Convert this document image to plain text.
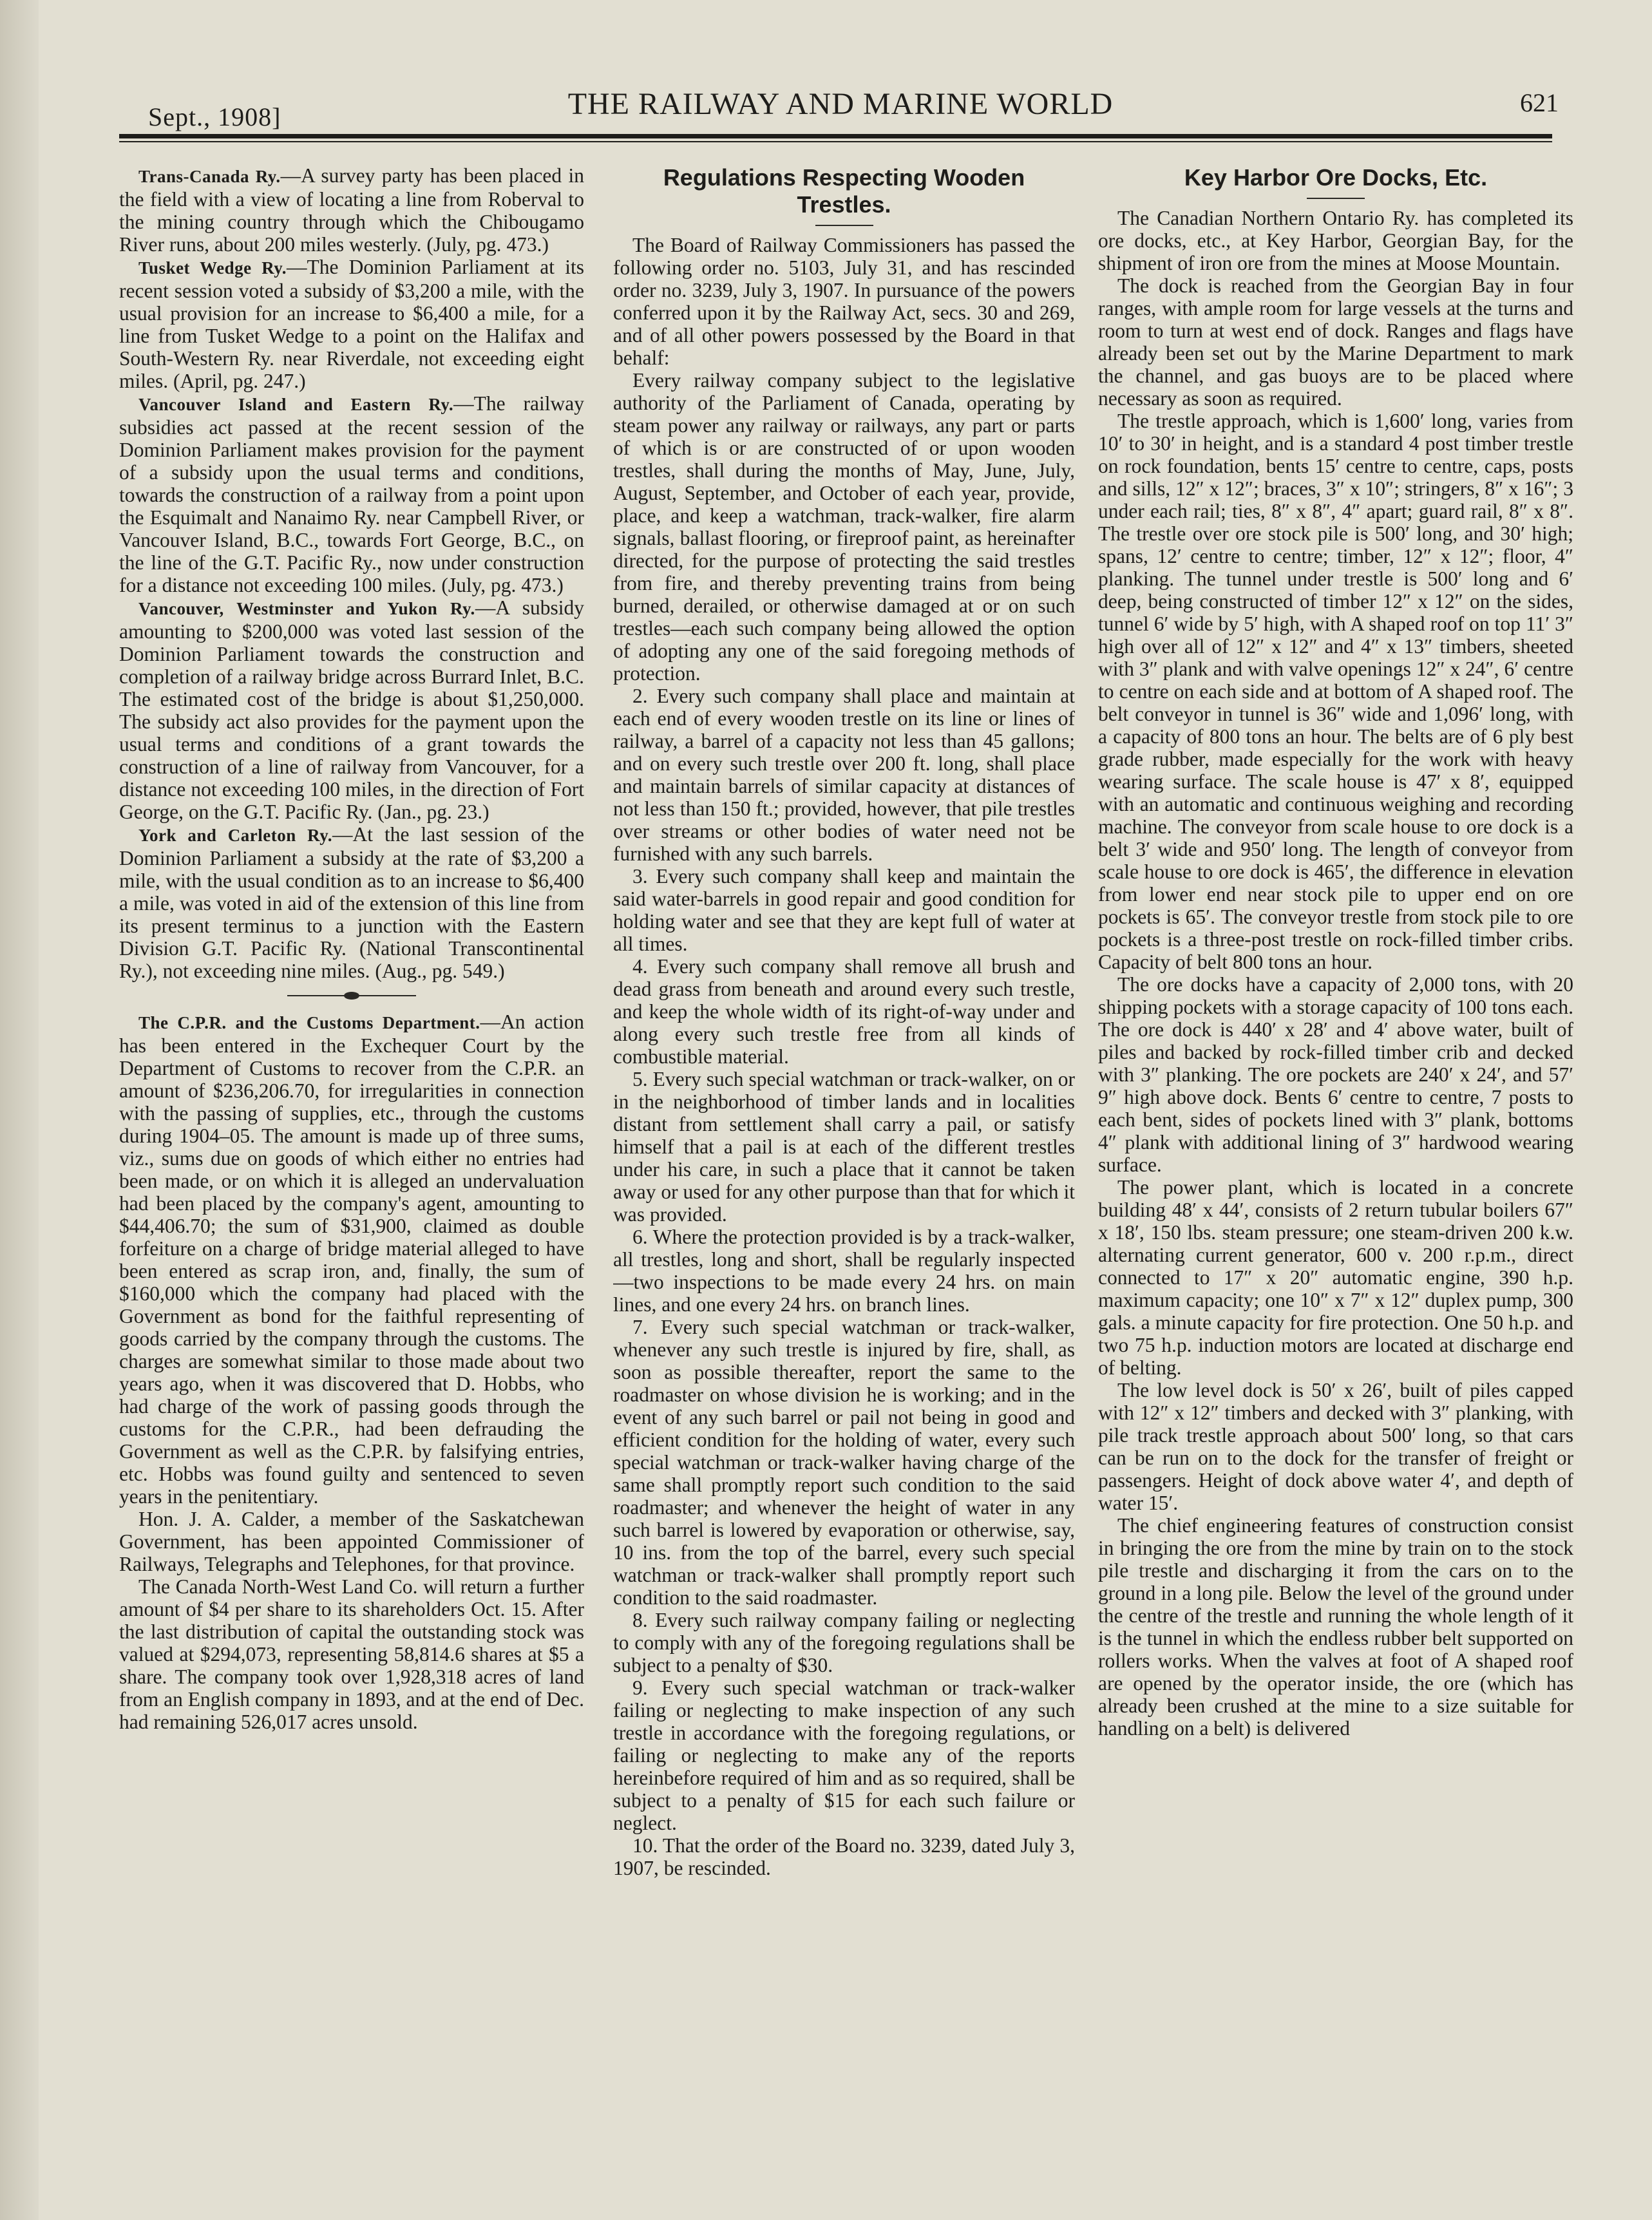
Sept., 1908]	THE RAILWAY AND MARINE WORLD	621

Trans-Canada Ry.—A survey party has been placed in the field with a view of locating a line from Roberval to the mining country through which the Chibougamo River runs, about 200 miles westerly. (July, pg. 473.)

Tusket Wedge Ry.—The Dominion Parliament at its recent session voted a subsidy of $3,200 a mile, with the usual provision for an increase to $6,400 a mile, for a line from Tusket Wedge to a point on the Halifax and South-Western Ry. near Riverdale, not exceeding eight miles. (April, pg. 247.)

Vancouver Island and Eastern Ry.—The railway subsidies act passed at the recent session of the Dominion Parliament makes provision for the payment of a subsidy upon the usual terms and conditions, towards the construction of a railway from a point upon the Esquimalt and Nanaimo Ry. near Campbell River, or Vancouver Island, B.C., towards Fort George, B.C., on the line of the G.T. Pacific Ry., now under construction for a distance not exceeding 100 miles. (July, pg. 473.)

Vancouver, Westminster and Yukon Ry.—A subsidy amounting to $200,000 was voted last session of the Dominion Parliament towards the construction and completion of a railway bridge across Burrard Inlet, B.C. The estimated cost of the bridge is about $1,250,000. The subsidy act also provides for the payment upon the usual terms and conditions of a grant towards the construction of a line of railway from Vancouver, for a distance not exceeding 100 miles, in the direction of Fort George, on the G.T. Pacific Ry. (Jan., pg. 23.)

York and Carleton Ry.—At the last session of the Dominion Parliament a subsidy at the rate of $3,200 a mile, with the usual condition as to an increase to $6,400 a mile, was voted in aid of the extension of this line from its present terminus to a junction with the Eastern Division G.T. Pacific Ry. (National Transcontinental Ry.), not exceeding nine miles. (Aug., pg. 549.)

The C.P.R. and the Customs Department.—An action has been entered in the Exchequer Court by the Department of Customs to recover from the C.P.R. an amount of $236,206.70, for irregularities in connection with the passing of supplies, etc., through the customs during 1904–05. The amount is made up of three sums, viz., sums due on goods of which either no entries had been made, or on which it is alleged an undervaluation had been placed by the company's agent, amounting to $44,406.70; the sum of $31,900, claimed as double forfeiture on a charge of bridge material alleged to have been entered as scrap iron, and, finally, the sum of $160,000 which the company had placed with the Government as bond for the faithful representing of goods carried by the company through the customs. The charges are somewhat similar to those made about two years ago, when it was discovered that D. Hobbs, who had charge of the work of passing goods through the customs for the C.P.R., had been defrauding the Government as well as the C.P.R. by falsifying entries, etc. Hobbs was found guilty and sentenced to seven years in the penitentiary.

Hon. J. A. Calder, a member of the Saskatchewan Government, has been appointed Commissioner of Railways, Telegraphs and Telephones, for that province.

The Canada North-West Land Co. will return a further amount of $4 per share to its shareholders Oct. 15. After the last distribution of capital the outstanding stock was valued at $294,073, representing 58,814.6 shares at $5 a share. The company took over 1,928,318 acres of land from an English company in 1893, and at the end of Dec. had remaining 526,017 acres unsold.

Regulations Respecting Wooden Trestles.

The Board of Railway Commissioners has passed the following order no. 5103, July 31, and has rescinded order no. 3239, July 3, 1907. In pursuance of the powers conferred upon it by the Railway Act, secs. 30 and 269, and of all other powers possessed by the Board in that behalf:

Every railway company subject to the legislative authority of the Parliament of Canada, operating by steam power any railway or railways, any part or parts of which is or are constructed of or upon wooden trestles, shall during the months of May, June, July, August, September, and October of each year, provide, place, and keep a watchman, track-walker, fire alarm signals, ballast flooring, or fireproof paint, as hereinafter directed, for the purpose of protecting the said trestles from fire, and thereby preventing trains from being burned, derailed, or otherwise damaged at or on such trestles—each such company being allowed the option of adopting any one of the said foregoing methods of protection.

2. Every such company shall place and maintain at each end of every wooden trestle on its line or lines of railway, a barrel of a capacity not less than 45 gallons; and on every such trestle over 200 ft. long, shall place and maintain barrels of similar capacity at distances of not less than 150 ft.; provided, however, that pile trestles over streams or other bodies of water need not be furnished with any such barrels.

3. Every such company shall keep and maintain the said water-barrels in good repair and good condition for holding water and see that they are kept full of water at all times.

4. Every such company shall remove all brush and dead grass from beneath and around every such trestle, and keep the whole width of its right-of-way under and along every such trestle free from all kinds of combustible material.

5. Every such special watchman or track-walker, on or in the neighborhood of timber lands and in localities distant from settlement shall carry a pail, or satisfy himself that a pail is at each of the different trestles under his care, in such a place that it cannot be taken away or used for any other purpose than that for which it was provided.

6. Where the protection provided is by a track-walker, all trestles, long and short, shall be regularly inspected—two inspections to be made every 24 hrs. on main lines, and one every 24 hrs. on branch lines.

7. Every such special watchman or track-walker, whenever any such trestle is injured by fire, shall, as soon as possible thereafter, report the same to the roadmaster on whose division he is working; and in the event of any such barrel or pail not being in good and efficient condition for the holding of water, every such special watchman or track-walker having charge of the same shall promptly report such condition to the said roadmaster; and whenever the height of water in any such barrel is lowered by evaporation or otherwise, say, 10 ins. from the top of the barrel, every such special watchman or track-walker shall promptly report such condition to the said roadmaster.

8. Every such railway company failing or neglecting to comply with any of the foregoing regulations shall be subject to a penalty of $30.

9. Every such special watchman or track-walker failing or neglecting to make inspection of any such trestle in accordance with the foregoing regulations, or failing or neglecting to make any of the reports hereinbefore required of him and as so required, shall be subject to a penalty of $15 for each such failure or neglect.

10. That the order of the Board no. 3239, dated July 3, 1907, be rescinded.

Key Harbor Ore Docks, Etc.

The Canadian Northern Ontario Ry. has completed its ore docks, etc., at Key Harbor, Georgian Bay, for the shipment of iron ore from the mines at Moose Mountain.

The dock is reached from the Georgian Bay in four ranges, with ample room for large vessels at the turns and room to turn at west end of dock. Ranges and flags have already been set out by the Marine Department to mark the channel, and gas buoys are to be placed where necessary as soon as required.

The trestle approach, which is 1,600′ long, varies from 10′ to 30′ in height, and is a standard 4 post timber trestle on rock foundation, bents 15′ centre to centre, caps, posts and sills, 12″ x 12″; braces, 3″ x 10″; stringers, 8″ x 16″; 3 under each rail; ties, 8″ x 8″, 4″ apart; guard rail, 8″ x 8″. The trestle over ore stock pile is 500′ long, and 30′ high; spans, 12′ centre to centre; timber, 12″ x 12″; floor, 4″ planking. The tunnel under trestle is 500′ long and 6′ deep, being constructed of timber 12″ x 12″ on the sides, tunnel 6′ wide by 5′ high, with A shaped roof on top 11′ 3″ high over all of 12″ x 12″ and 4″ x 13″ timbers, sheeted with 3″ plank and with valve openings 12″ x 24″, 6′ centre to centre on each side and at bottom of A shaped roof. The belt conveyor in tunnel is 36″ wide and 1,096′ long, with a capacity of 800 tons an hour. The belts are of 6 ply best grade rubber, made especially for the work with heavy wearing surface. The scale house is 47′ x 8′, equipped with an automatic and continuous weighing and recording machine. The conveyor from scale house to ore dock is a belt 3′ wide and 950′ long. The length of conveyor from scale house to ore dock is 465′, the difference in elevation from lower end near stock pile to upper end on ore pockets is 65′. The conveyor trestle from stock pile to ore pockets is a three-post trestle on rock-filled timber cribs. Capacity of belt 800 tons an hour.

The ore docks have a capacity of 2,000 tons, with 20 shipping pockets with a storage capacity of 100 tons each. The ore dock is 440′ x 28′ and 4′ above water, built of piles and backed by rock-filled timber crib and decked with 3″ planking. The ore pockets are 240′ x 24′, and 57′ 9″ high above dock. Bents 6′ centre to centre, 7 posts to each bent, sides of pockets lined with 3″ plank, bottoms 4″ plank with additional lining of 3″ hardwood wearing surface.

The power plant, which is located in a concrete building 48′ x 44′, consists of 2 return tubular boilers 67″ x 18′, 150 lbs. steam pressure; one steam-driven 200 k.w. alternating current generator, 600 v. 200 r.p.m., direct connected to 17″ x 20″ automatic engine, 390 h.p. maximum capacity; one 10″ x 7″ x 12″ duplex pump, 300 gals. a minute capacity for fire protection. One 50 h.p. and two 75 h.p. induction motors are located at discharge end of belting.

The low level dock is 50′ x 26′, built of piles capped with 12″ x 12″ timbers and decked with 3″ planking, with pile track trestle approach about 500′ long, so that cars can be run on to the dock for the transfer of freight or passengers. Height of dock above water 4′, and depth of water 15′.

The chief engineering features of construction consist in bringing the ore from the mine by train on to the stock pile trestle and discharging it from the cars on to the ground in a long pile. Below the level of the ground under the centre of the trestle and running the whole length of it is the tunnel in which the endless rubber belt supported on rollers works. When the valves at foot of A shaped roof are opened by the operator inside, the ore (which has already been crushed at the mine to a size suitable for handling on a belt) is delivered
